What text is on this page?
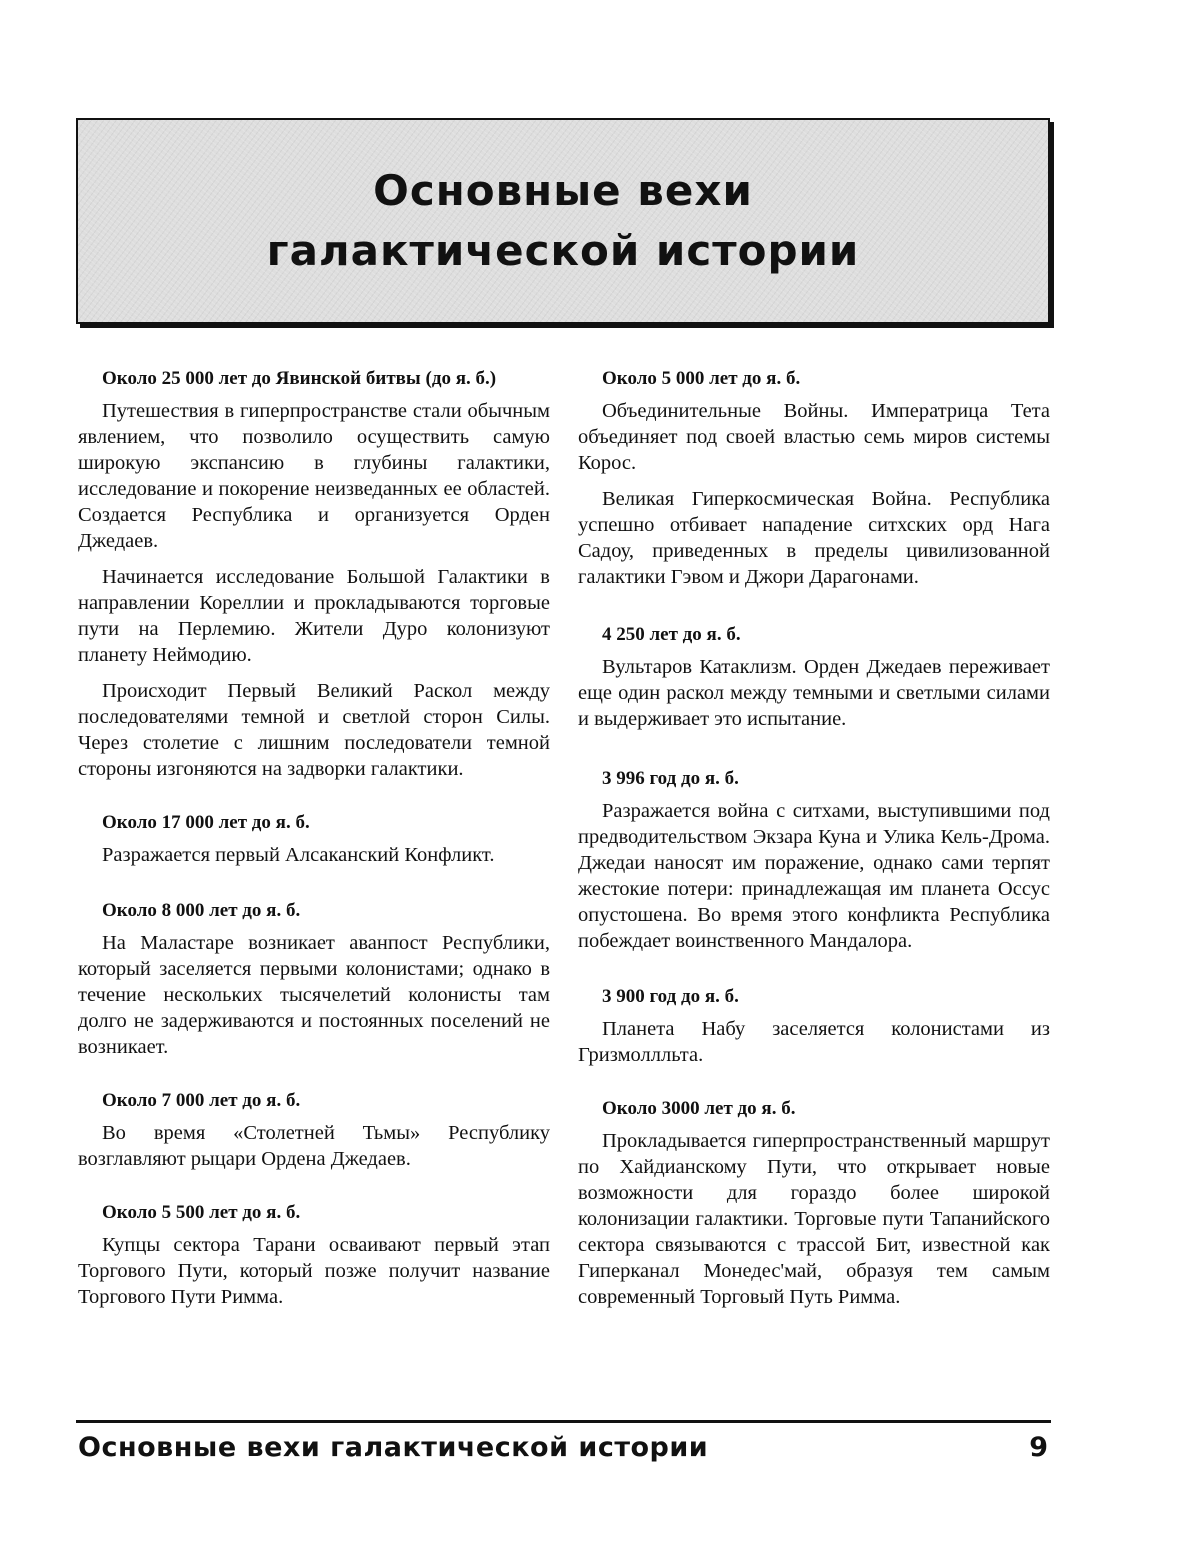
Основные вехи
галактической истории

Около 25 000 лет до Явинской битвы (до я. б.)

Путешествия в гиперпространстве стали обычным явлением, что позволило осуществить самую широкую экспансию в глубины галактики, исследование и покорение неизведанных ее областей. Создается Республика и организуется Орден Джедаев.

Начинается исследование Большой Галактики в направлении Кореллии и прокладываются торговые пути на Перлемию. Жители Дуро колонизуют планету Неймодию.

Происходит Первый Великий Раскол между последователями темной и светлой сторон Силы. Через столетие с лишним последователи темной стороны изгоняются на задворки галактики.

Около 17 000 лет до я. б.

Разражается первый Алсаканский Конфликт.

Около 8 000 лет до я. б.

На Маластаре возникает аванпост Республики, который заселяется первыми колонистами; однако в течение нескольких тысячелетий колонисты там долго не задерживаются и постоянных поселений не возникает.

Около 7 000 лет до я. б.

Во время «Столетней Тьмы» Республику возглавляют рыцари Ордена Джедаев.

Около 5 500 лет до я. б.

Купцы сектора Тарани осваивают первый этап Торгового Пути, который позже получит название Торгового Пути Римма.

Около 5 000 лет до я. б.

Объединительные Войны. Императрица Тета объединяет под своей властью семь миров системы Корос.

Великая Гиперкосмическая Война. Республика успешно отбивает нападение ситхских орд Нага Садоу, приведенных в пределы цивилизованной галактики Гэвом и Джори Дарагонами.

4 250 лет до я. б.

Вультаров Катаклизм. Орден Джедаев переживает еще один раскол между темными и светлыми силами и выдерживает это испытание.

3 996 год до я. б.

Разражается война с ситхами, выступившими под предводительством Экзара Куна и Улика Кель-Дрома. Джедаи наносят им поражение, однако сами терпят жестокие потери: принадлежащая им планета Оссус опустошена. Во время этого конфликта Республика побеждает воинственного Мандалора.

3 900 год до я. б.

Планета Набу заселяется колонистами из Гризмоллльта.

Около 3000 лет до я. б.

Прокладывается гиперпространственный маршрут по Хайдианскому Пути, что открывает новые возможности для гораздо более широкой колонизации галактики. Торговые пути Тапанийского сектора связываются с трассой Бит, известной как Гиперканал Монедес'май, образуя тем самым современный Торговый Путь Римма.

Основные вехи галактической истории	9
